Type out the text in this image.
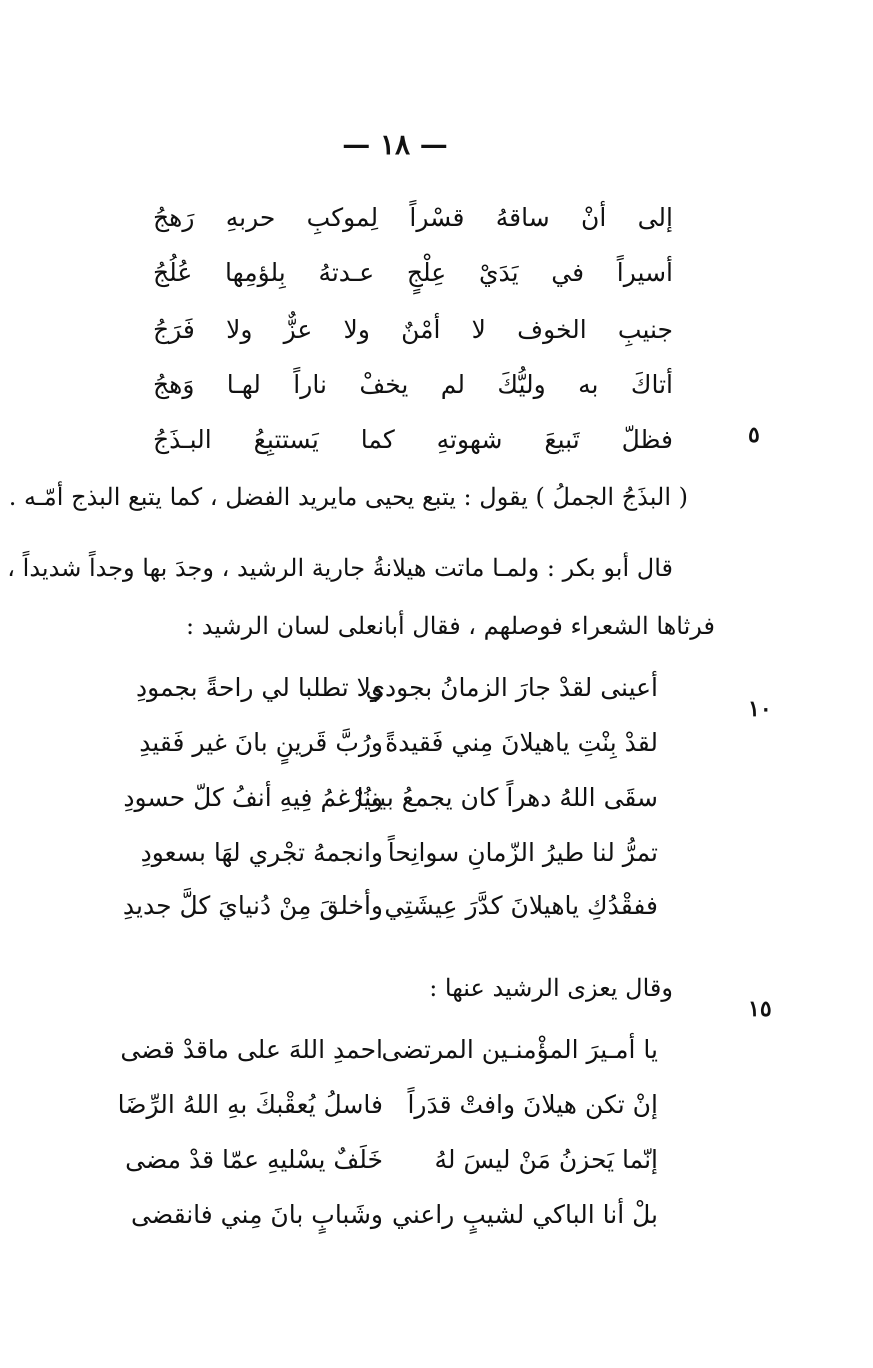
— ١٨ —
إلى أنْ ساقهُ قسْراً لِموكبِ حربهِ رَهجُ
أسيراً في يَدَيْ عِلْجٍ عـدتهُ بِلؤمِها عُلُجُ
جنيبِ الخوف لا أمْنٌ ولا عزٌّ ولا فَرَجُ
أتاكَ به وليُّكَ لم يخفْ ناراً لهـا وَهجُ
فظلّ تَبيعَ شهوتهِ كما يَستتبِعُ البـذَجُ	٥
( البذَجُ الجملُ ) يقول : يتبع يحيى مايريد الفضل ، كما يتبع البذج أمّـه .
قال أبو بكر : ولمـا ماتت هيلانةُ جارية الرشيد ، وجدَ بها وجداً شديداً ،
فرثاها الشعراء فوصلهم ، فقال أبانعلى لسان الرشيد :
١٠
أعينى لقدْ جارَ الزمانُ بجودي
ولا تطلبا لي راحةً بجمودِ
لقدْ بِنْتِ ياهيلانَ مِني فَقيدةً
ورُبَّ قَرينٍ بانَ غير فَقيدِ
سقَى اللهُ دهراً كان يجمعُ بيننا
ويُرْغمُ فِيهِ أنفُ كلّ حسودِ
تمرُّ لنا طيرُ الزّمانِ سوانِحاً
وانجمهُ تجْري لهَا بسعودِ
ففقْدُكِ ياهيلانَ كدَّرَ عِيشَتِي
وأخلقَ مِنْ دُنيايَ كلَّ جديدِ
وقال يعزى الرشيد عنها :
١٥
يا أمـيرَ المؤْمنـين المرتضى
احمدِ اللهَ على ماقدْ قضى
إنْ تكن هيلانَ وافتْ قدَراً
فاسلُ يُعقْبكَ بهِ اللهُ الرِّضَا
إنّما يَحزنُ مَنْ ليسَ لهُ
خَلَفٌ يسْليهِ عمّا قدْ مضى
بلْ أنا الباكي لشيبٍ راعني
وشَبابٍ بانَ مِني فانقضى
